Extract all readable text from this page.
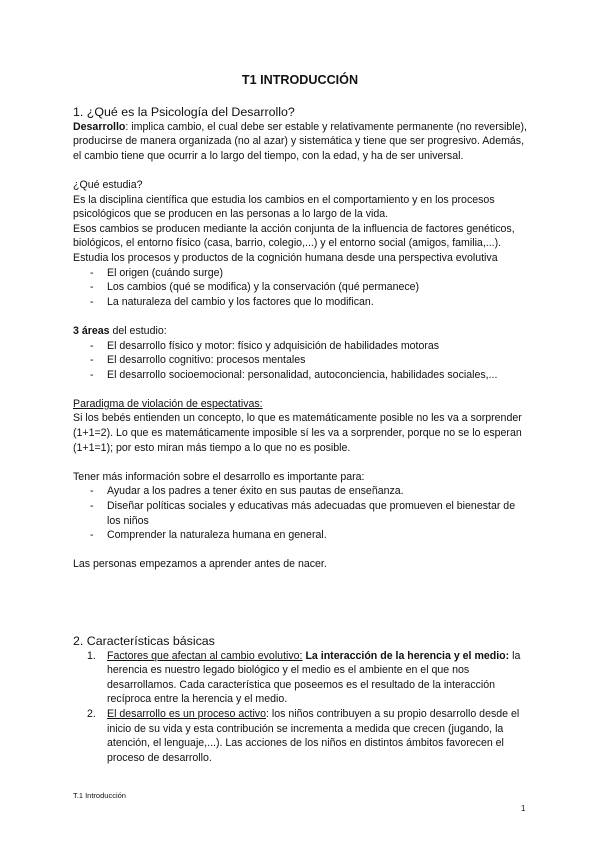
T1 INTRODUCCIÓN
1. ¿Qué es la Psicología del Desarrollo?

Desarrollo: implica cambio, el cual debe ser estable y relativamente permanente (no reversible), producirse de manera organizada (no al azar) y sistemática y tiene que ser progresivo. Además, el cambio tiene que ocurrir a lo largo del tiempo, con la edad, y ha de ser universal.

¿Qué estudia?

Es la disciplina científica que estudia los cambios en el comportamiento y en los procesos psicológicos que se producen en las personas a lo largo de la vida.

Esos cambios se producen mediante la acción conjunta de la influencia de factores genéticos, biológicos, el entorno físico (casa, barrio, colegio,...) y el entorno social (amigos, familia,...).

Estudia los procesos y productos de la cognición humana desde una perspectiva evolutiva

- El origen (cuándo surge)
- Los cambios (qué se modifica) y la conservación (qué permanece)
- La naturaleza del cambio y los factores que lo modifican.

3 áreas del estudio:

- El desarrollo físico y motor: físico y adquisición de habilidades motoras
- El desarrollo cognitivo: procesos mentales
- El desarrollo socioemocional: personalidad, autoconciencia, habilidades sociales,...

Paradigma de violación de espectativas:

Si los bebés entienden un concepto, lo que es matemáticamente posible no les va a sorprender (1+1=2). Lo que es matemáticamente imposible sí les va a sorprender, porque no se lo esperan (1+1=1); por esto miran más tiempo a lo que no es posible.

Tener más información sobre el desarrollo es importante para:

- Ayudar a los padres a tener éxito en sus pautas de enseñanza.
- Diseñar políticas sociales y educativas más adecuadas que promueven el bienestar de los niños
- Comprender la naturaleza humana en general.

Las personas empezamos a aprender antes de nacer.

2. Características básicas
1. Factores que afectan al cambio evolutivo: La interacción de la herencia y el medio: la herencia es nuestro legado biológico y el medio es el ambiente en el que nos desarrollamos. Cada característica que poseemos es el resultado de la interacción recíproca entre la herencia y el medio.
2. El desarrollo es un proceso activo: los niños contribuyen a su propio desarrollo desde el inicio de su vida y esta contribución se incrementa a medida que crecen (jugando, la atención, el lenguaje,...). Las acciones de los niños en distintos ámbitos favorecen el proceso de desarrollo.
T.1 Introducción
1
